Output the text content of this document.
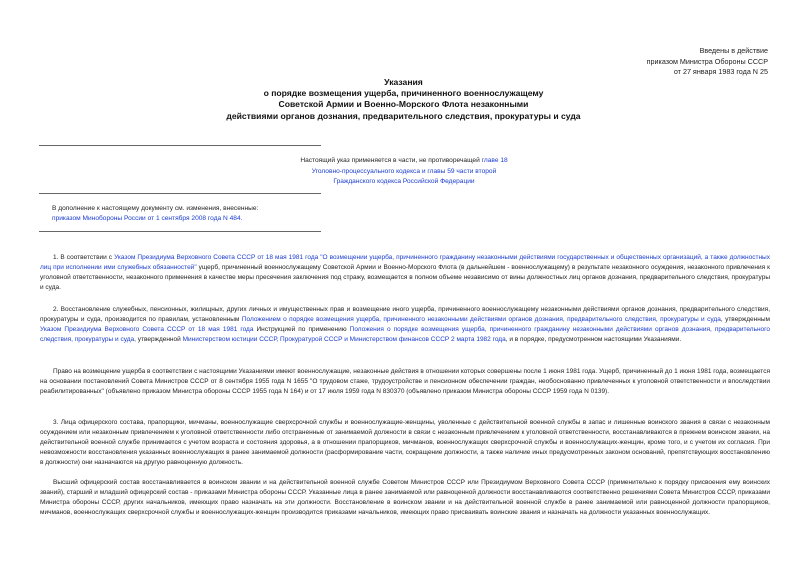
Введены в действие
приказом Министра Обороны СССР
от 27 января 1983 года N 25
Указания
о порядке возмещения ущерба, причиненного военнослужащему
Советской Армии и Военно-Морского Флота незаконными
действиями органов дознания, предварительного следствия, прокуратуры и суда
Настоящий указ применяется в части, не противоречащей главе 18
Уголовно-процессуального кодекса и главы 59 части второй
Гражданского кодекса Российской Федерации
В дополнение к настоящему документу см. изменения, внесенные:
приказом Минобороны России от 1 сентября 2008 года N 484.

1. В соответствии с Указом Президиума Верховного Совета СССР от 18 мая 1981 года "О возмещении ущерба, причиненного гражданину незаконными действиями государственных и общественных организаций, а также должностных лиц при исполнении ими служебных обязанностей" ущерб, причиненный военнослужащему Советской Армии и Военно-Морского Флота (в дальнейшем - военнослужащему) в результате незаконного осуждения, незаконного привлечения к уголовной ответственности, незаконного применения в качестве меры пресечения заключения под стражу, возмещается в полном объеме независимо от вины должностных лиц органов дознания, предварительного следствия, прокуратуры и суда.

2. Восстановление служебных, пенсионных, жилищных, других личных и имущественных прав и возмещение иного ущерба, причиненного военнослужащему незаконными действиями органов дознания, предварительного следствия, прокуратуры и суда, производится по правилам, установленным Положением о порядке возмещения ущерба, причиненного незаконными действиями органов дознания, предварительного следствия, прокуратуры и суда, утвержденным Указом Президиума Верховного Совета СССР от 18 мая 1981 года Инструкцией по применению Положения о порядке возмещения ущерба, причиненного гражданину незаконными действиями органов дознания, предварительного следствия, прокуратуры и суда, утвержденной Министерством юстиции СССР, Прокуратурой СССР и Министерством финансов СССР 2 марта 1982 года, и в порядке, предусмотренном настоящими Указаниями.

Право на возмещение ущерба в соответствии с настоящими Указаниями имеют военнослужащие, незаконные действия в отношении которых совершены после 1 июня 1981 года. Ущерб, причиненный до 1 июня 1981 года, возмещается на основании постановлений Совета Министров СССР от 8 сентября 1955 года N 1655 "О трудовом стаже, трудоустройстве и пенсионном обеспечении граждан, необоснованно привлеченных к уголовной ответственности и впоследствии реабилитированных" (объявлено приказом Министра обороны СССР 1955 года N 164) и от 17 июля 1959 года N 830370 (объявлено приказом Министра обороны СССР 1959 года N 0139).

3. Лица офицерского состава, прапорщики, мичманы, военнослужащие сверхсрочной службы и военнослужащие-женщины, уволенные с действительной военной службы в запас и лишенные воинского звания в связи с незаконным осуждением или незаконным привлечением к уголовной ответственности либо отстраненные от занимаемой должности в связи с незаконным привлечением к уголовной ответственности, восстанавливаются в прежнем воинском звании, на действительной военной службе принимается с учетом возраста и состояния здоровья, а в отношении прапорщиков, мичманов, военнослужащих сверхсрочной службы и военнослужащих-женщин, кроме того, и с учетом их согласия. При невозможности восстановления указанных военнослужащих в ранее занимаемой должности (расформирование части, сокращение должности, а также наличие иных предусмотренных законом оснований, препятствующих восстановлению в должности) они назначаются на другую равноценную должность.

Высший офицерский состав восстанавливается в воинском звании и на действительной военной службе Советом Министров СССР или Президиумом Верховного Совета СССР (применительно к порядку присвоения ему воинских званий), старший и младший офицерский состав - приказами Министра обороны СССР. Указанные лица в ранее занимаемой или равноценной должности восстанавливаются соответственно решениями Совета Министров СССР, приказами Министра обороны СССР, других начальников, имеющих право назначать на эти должности. Восстановление в воинском звании и на действительной военной службе в ранее занимаемой или равноценной должности прапорщиков, мичманов, военнослужащих сверхсрочной службы и военнослужащих-женщин производится приказами начальников, имеющих право присваивать воинские звания и назначать на должности указанных военнослужащих.
